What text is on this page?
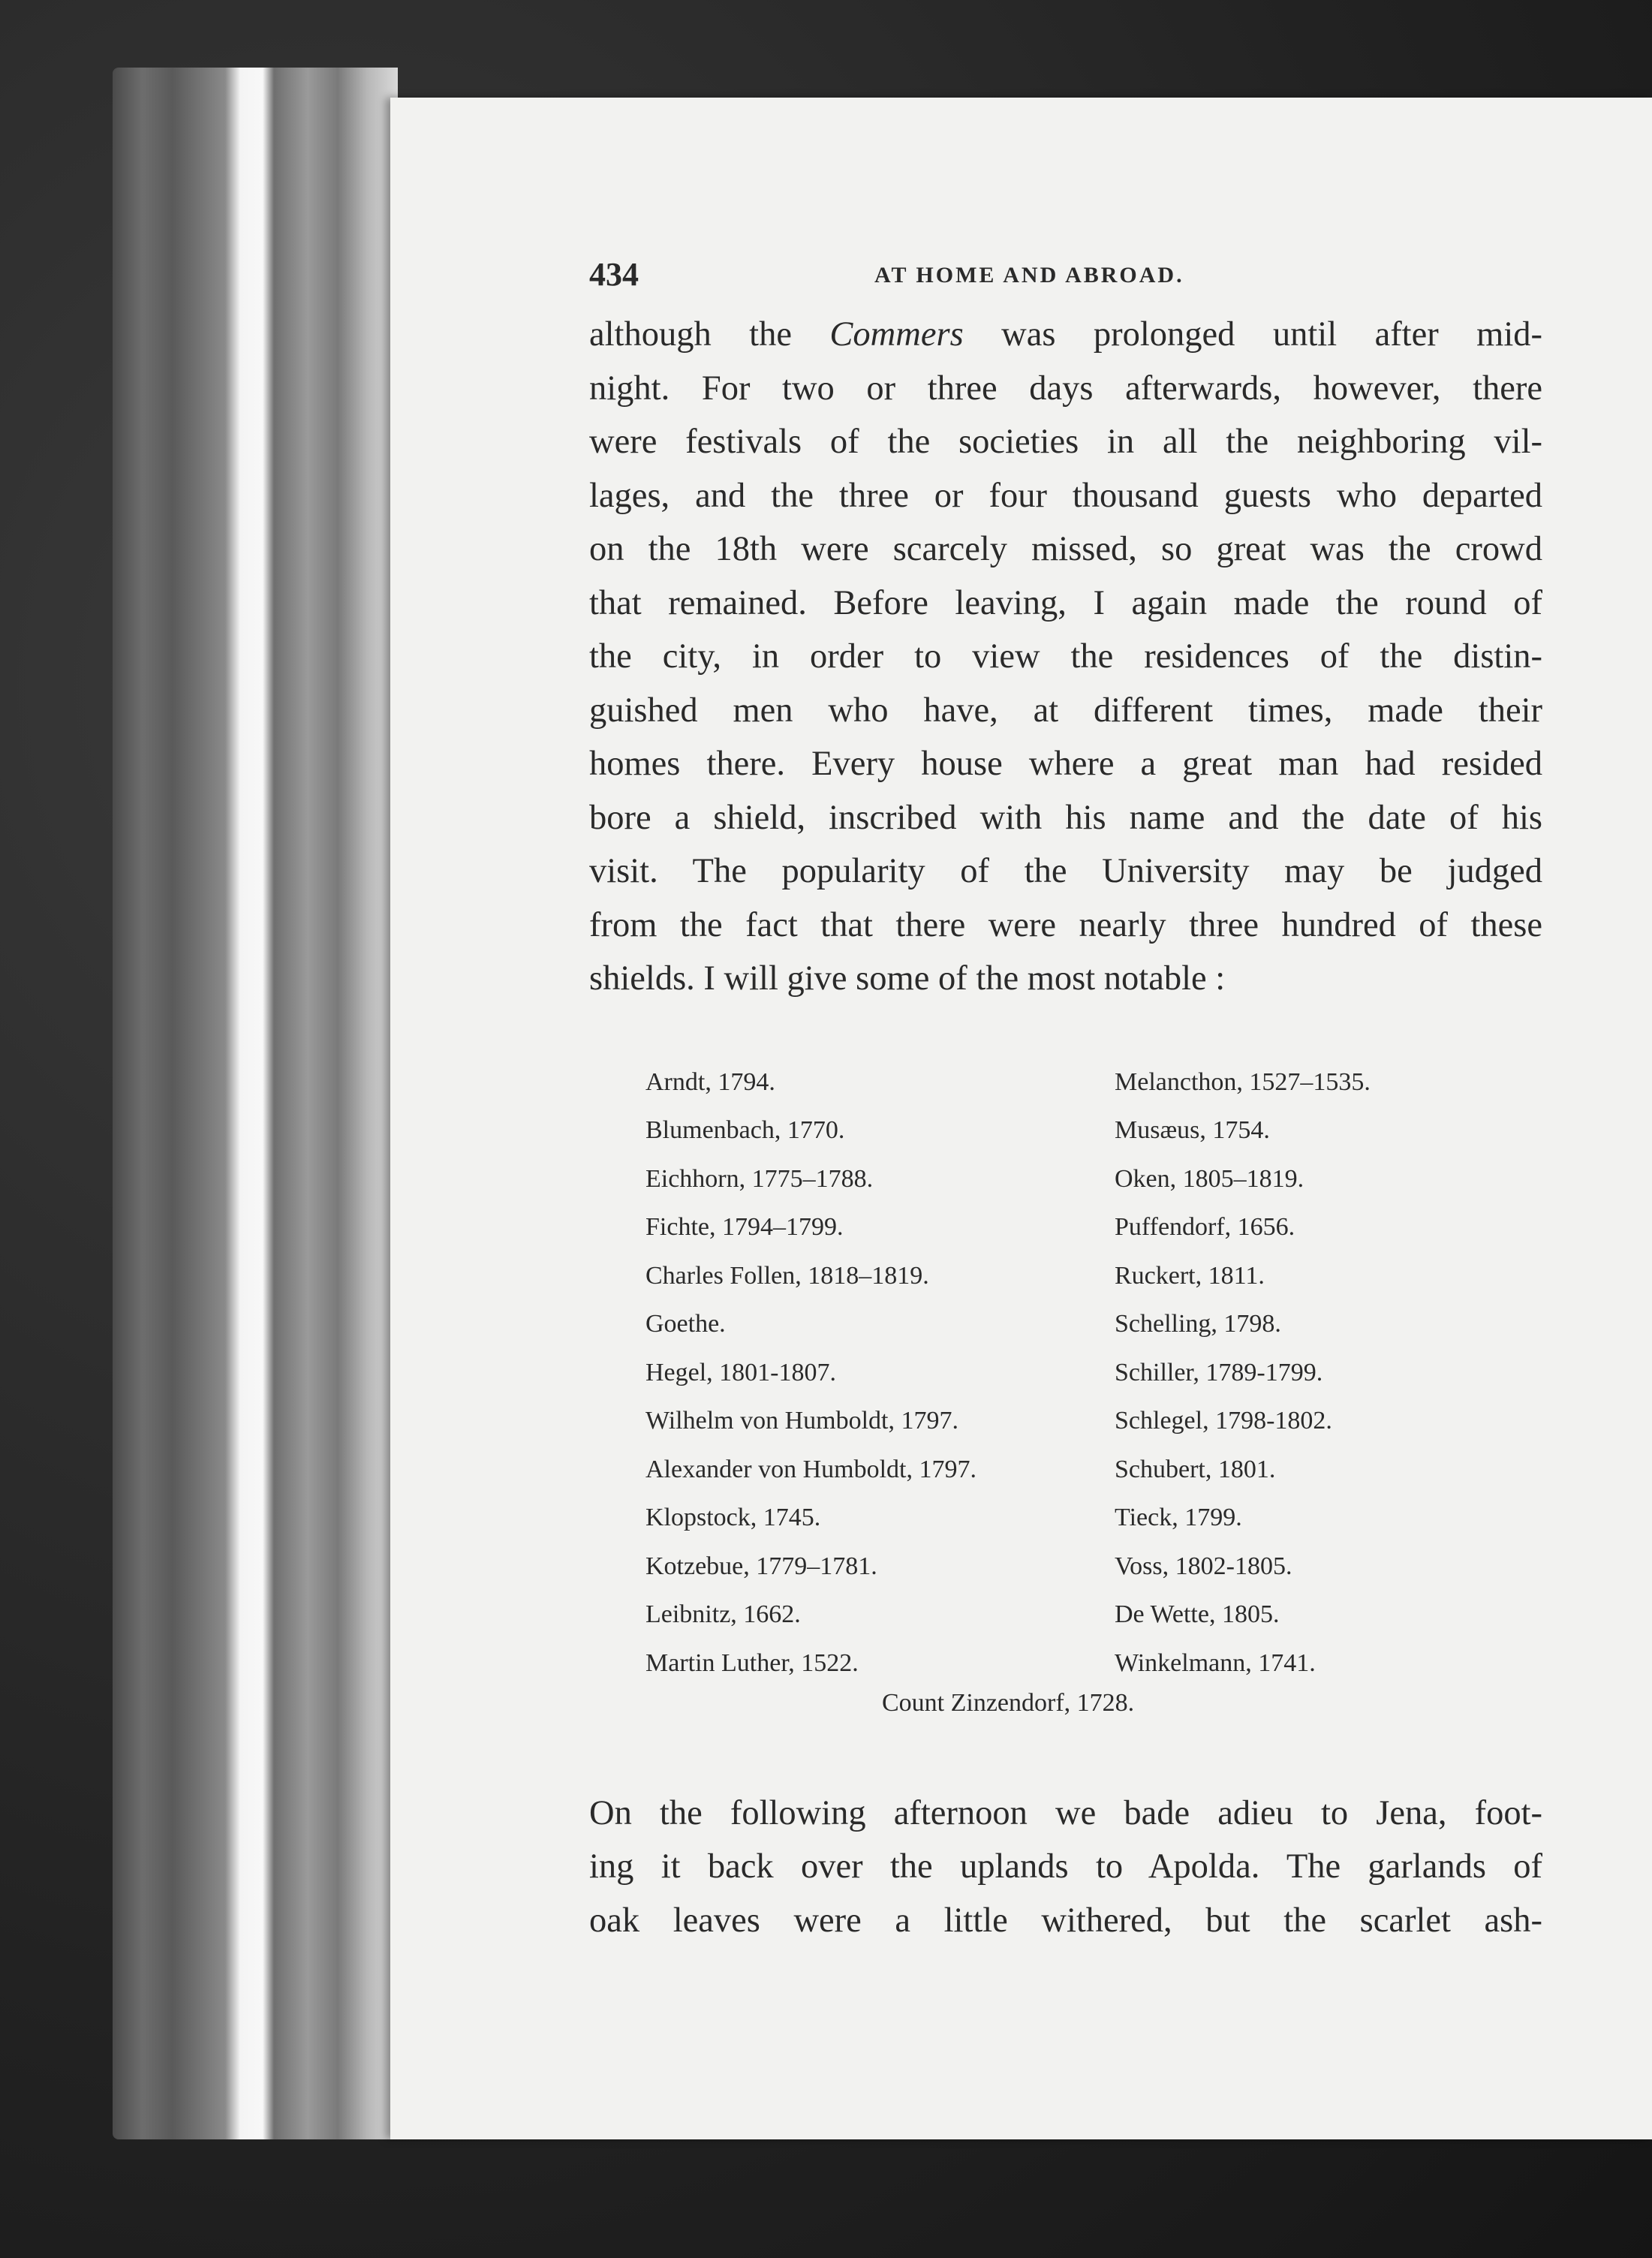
434	AT HOME AND ABROAD.
although the Commers was prolonged until after mid-
night. For two or three days afterwards, however, there
were festivals of the societies in all the neighboring vil-
lages, and the three or four thousand guests who departed
on the 18th were scarcely missed, so great was the crowd
that remained. Before leaving, I again made the round of
the city, in order to view the residences of the distin-
guished men who have, at different times, made their
homes there. Every house where a great man had resided
bore a shield, inscribed with his name and the date of his
visit. The popularity of the University may be judged
from the fact that there were nearly three hundred of these
shields. I will give some of the most notable :
Arndt, 1794.
Blumenbach, 1770.
Eichhorn, 1775–1788.
Fichte, 1794–1799.
Charles Follen, 1818–1819.
Goethe.
Hegel, 1801-1807.
Wilhelm von Humboldt, 1797.
Alexander von Humboldt, 1797.
Klopstock, 1745.
Kotzebue, 1779–1781.
Leibnitz, 1662.
Martin Luther, 1522.
Melancthon, 1527–1535.
Musæus, 1754.
Oken, 1805–1819.
Puffendorf, 1656.
Ruckert, 1811.
Schelling, 1798.
Schiller, 1789-1799.
Schlegel, 1798-1802.
Schubert, 1801.
Tieck, 1799.
Voss, 1802-1805.
De Wette, 1805.
Winkelmann, 1741.
Count Zinzendorf, 1728.
On the following afternoon we bade adieu to Jena, foot-
ing it back over the uplands to Apolda. The garlands of
oak leaves were a little withered, but the scarlet ash-
